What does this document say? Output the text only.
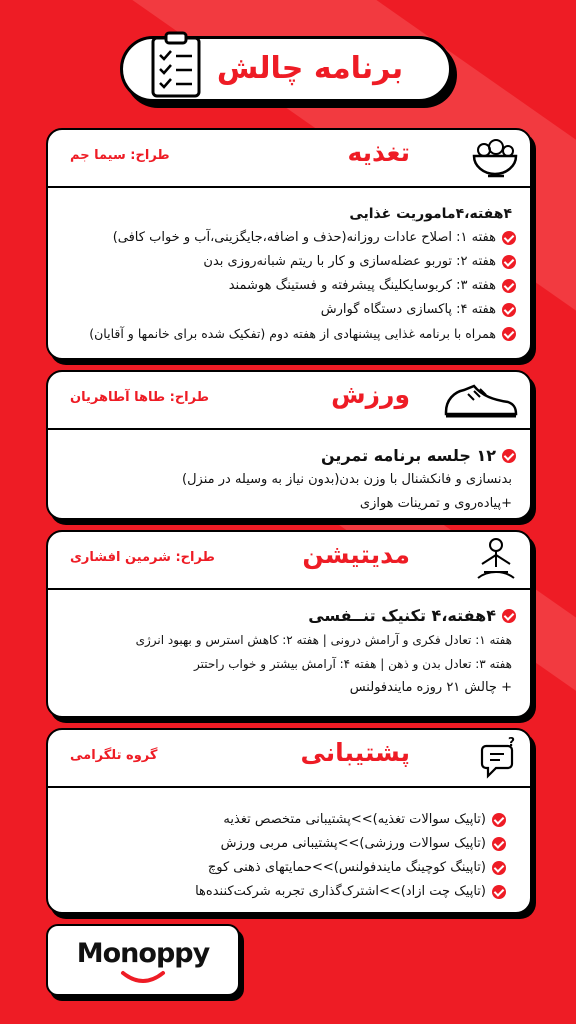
برنامه چالش
تغذیه
طراح: سیما جم
۴هفته،۴ماموریت غذایی
هفته ۱: اصلاح عادات روزانه(حذف و اضافه،جایگزینی،آب و خواب کافی)
هفته ۲: توربو عضله‌سازی و کار با ریتم شبانه‌روزی بدن
هفته ۳: کربوسایکلینگ پیشرفته و فستینگ هوشمند
هفته ۴: پاکسازی دستگاه گوارش
همراه با برنامه غذایی پیشنهادی از هفته دوم (تفکیک شده برای خانمها و آقایان)
ورزش
طراح: طاها آطاهریان
۱۲ جلسه برنامه تمرین
بدنسازی و فانکشنال با وزن بدن(بدون نیاز به وسیله در منزل)
+پیاده‌روی و تمرینات هوازی
مدیتیشن
طراح: شرمین افشاری
۴هفته،۴ تکنیک تنــفسی
هفته ۱: تعادل فکری و آرامش درونی | هفته ۲: کاهش استرس و بهبود انرژی
هفته ۳: تعادل بدن و ذهن | هفته ۴: آرامش بیشتر و خواب راحتتر
+ چالش ۲۱ روزه مایندفولنس
?
پشتیبانی
گروه تلگرامی
(تاپیک سوالات تغذیه)>>پشتیبانی متخصص تغذیه
(تاپیک سوالات ورزشی)>>پشتیبانی مربی ورزش
(تاپینگ کوچینگ مایندفولنس)>>حمایتهای ذهنی کوچ
(تاپیک چت ازاد)>>اشترک‌گذاری تجربه شرکت‌کننده‌ها
Monoppy
